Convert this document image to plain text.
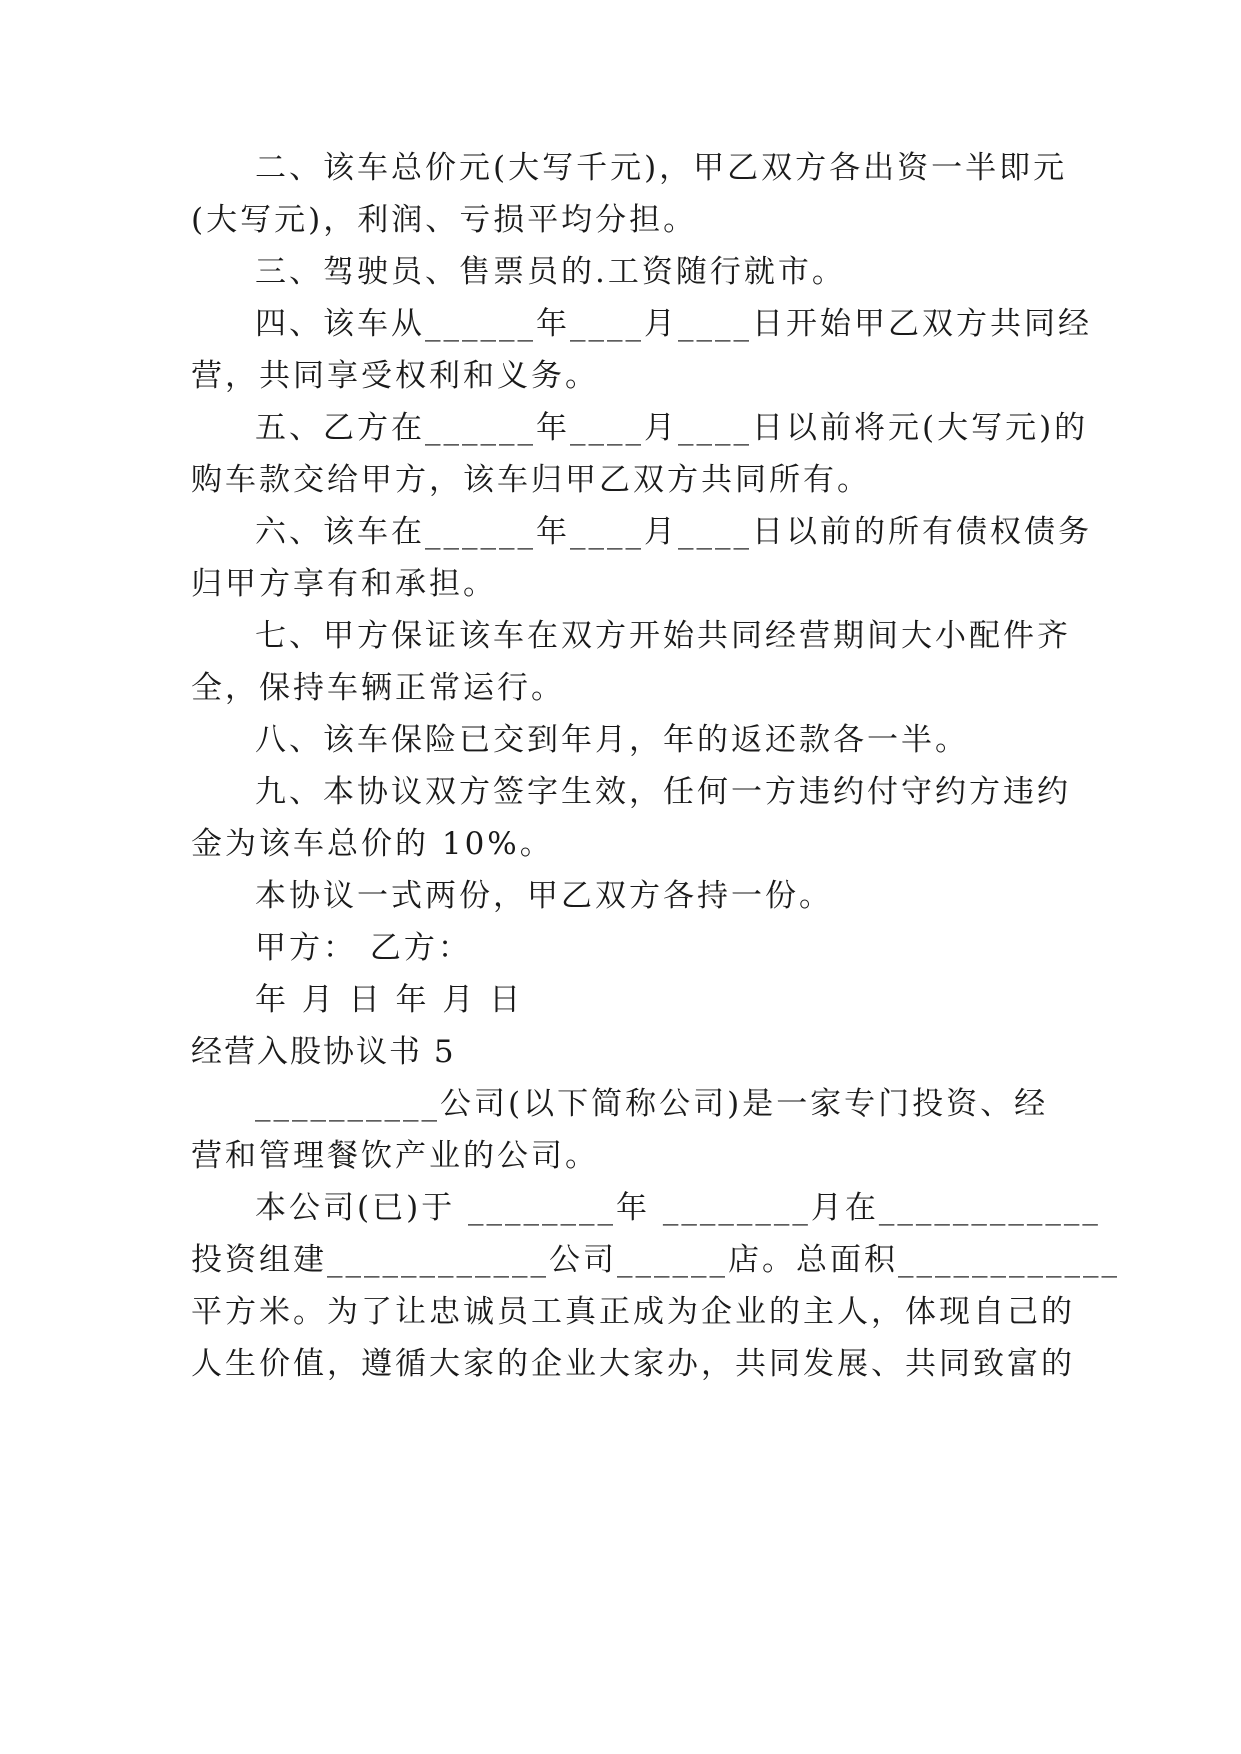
二、该车总价元(大写千元)，甲乙双方各出资一半即元
(大写元)，利润、亏损平均分担。
三、驾驶员、售票员的.工资随行就市。
四、该车从______年____月____日开始甲乙双方共同经
营，共同享受权利和义务。
五、乙方在______年____月____日以前将元(大写元)的
购车款交给甲方，该车归甲乙双方共同所有。
六、该车在______年____月____日以前的所有债权债务
归甲方享有和承担。
七、甲方保证该车在双方开始共同经营期间大小配件齐
全，保持车辆正常运行。
八、该车保险已交到年月，年的返还款各一半。
九、本协议双方签字生效，任何一方违约付守约方违约
金为该车总价的 10%。
本协议一式两份，甲乙双方各持一份。
甲方： 乙方：
年 月 日 年 月 日
经营入股协议书 5
__________公司(以下简称公司)是一家专门投资、经
营和管理餐饮产业的公司。
本公司(已)于 ________年 ________月在____________
投资组建____________公司______店。总面积____________
平方米。为了让忠诚员工真正成为企业的主人，体现自己的
人生价值，遵循大家的企业大家办，共同发展、共同致富的
